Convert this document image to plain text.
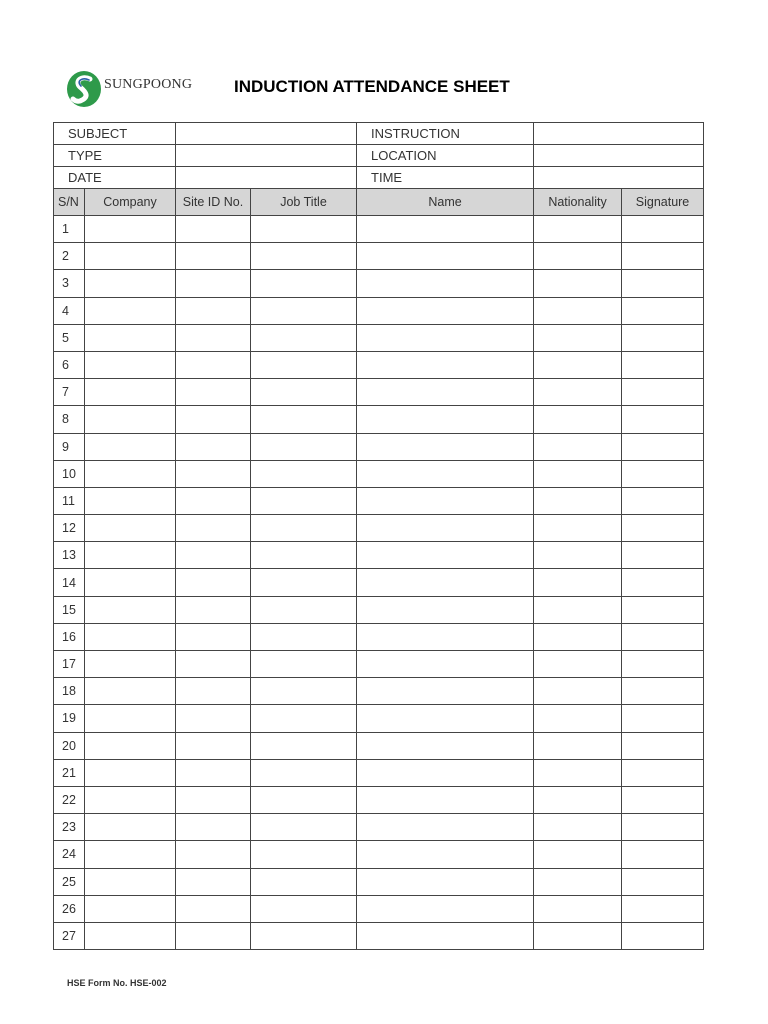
SUNGPOONG INDUCTION ATTENDANCE SHEET
SUBJECT				INSTRUCTION		
TYPE				LOCATION		
DATE				TIME		
S/N	Company	Site ID No.	Job Title	Name	Nationality	Signature
1						
2						
3						
4						
5						
6						
7						
8						
9						
10						
11						
12						
13						
14						
15						
16						
17						
18						
19						
20						
21						
22						
23						
24						
25						
26						
27						
HSE Form No. HSE-002
